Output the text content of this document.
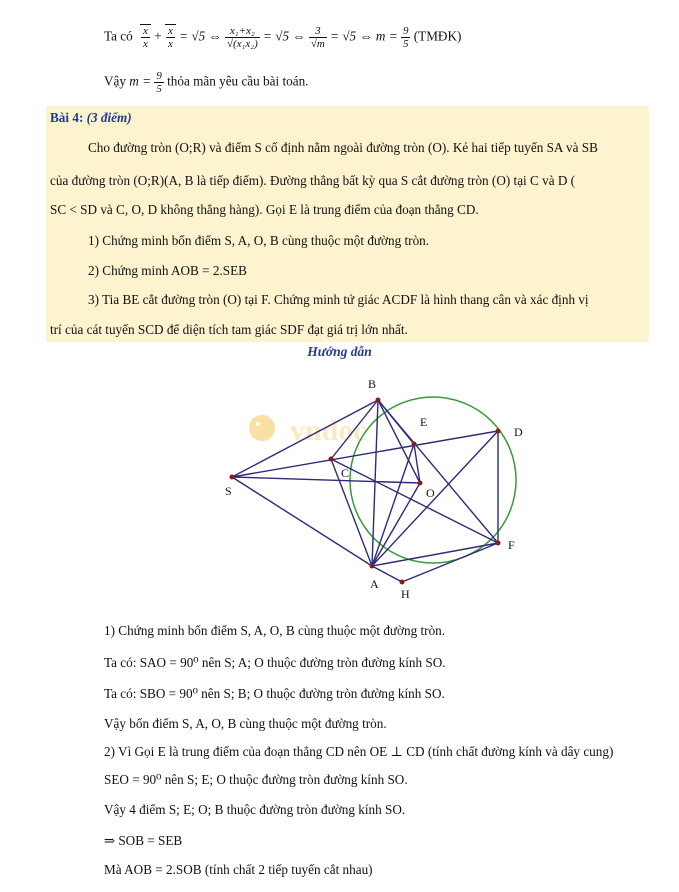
Ta có $\frac{x}{x} + \frac{x}{x} = √5$ ⇔ $\frac{\text{x₁+x₂}}{\text{√(x₁x₂)}} = √5$ ⇔ $\frac{3}{√m} = √5$ ⇔ $m = \frac{9}{5}$ (TMĐK)
Vậy $m = \frac{9}{5}$ thỏa mãn yêu cầu bài toán.
Bài 4: (3 điểm)
Cho đường tròn (O;R) và điểm S cố định nằm ngoài đường tròn (O). Kẻ hai tiếp tuyến SA và SB
của đường tròn (O;R)(A, B là tiếp điểm). Đường thẳng bất kỳ qua S cắt đường tròn (O) tại C và D (
SC < SD và C, O, D không thẳng hàng). Gọi E là trung điểm của đoạn thẳng CD.
1) Chứng minh bốn điểm S, A, O, B cùng thuộc một đường tròn.
2) Chứng minh AOB = 2.SEB
3) Tia BE cắt đường tròn (O) tại F. Chứng minh tứ giác ACDF là hình thang cân và xác định vị
trí của cát tuyến SCD để diện tích tam giác SDF đạt giá trị lớn nhất.
Hướng dẫn
vndoc
B
D
E
C
O
S
F
A
H
1) Chứng minh bốn điểm S, A, O, B cùng thuộc một đường tròn.
Ta có: SAO = 90⁰ nên S; A; O thuộc đường tròn đường kính SO.
Ta có: SBO = 90⁰ nên S; B; O thuộc đường tròn đường kính SO.
Vậy bốn điểm S, A, O, B cùng thuộc một đường tròn.
2) Vì Gọi E là trung điểm của đoạn thẳng CD nên OE ⊥ CD (tính chất đường kính và dây cung)
SEO = 90⁰ nên S; E; O thuộc đường tròn đường kính SO.
Vậy 4 điểm S; E; O; B thuộc đường tròn đường kính SO.
⇒ SOB = SEB
Mà AOB = 2.SOB (tính chất 2 tiếp tuyến cắt nhau)
